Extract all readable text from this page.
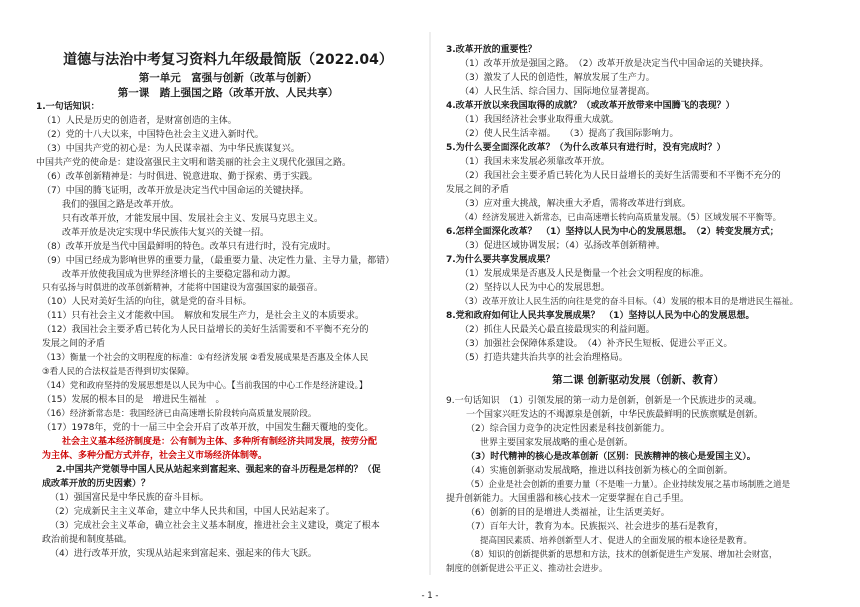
道德与法治中考复习资料九年级最简版（2022.04）
第一单元　富强与创新（改革与创新）
第一课　踏上强国之路（改革开放、人民共享）
1.一句话知识：
（1）人民是历史的创造者，是财富创造的主体。
（2）党的十八大以来，中国特色社会主义进入新时代。
（3）中国共产党的初心是：为人民谋幸福、为中华民族谋复兴。
中国共产党的使命是：建设富强民主文明和谐美丽的社会主义现代化强国之路。
（6）改革创新精神是：与时俱进、锐意进取、勤于探索、勇于实践。
（7）中国的腾飞证明，改革开放是决定当代中国命运的关键抉择。
我们的强国之路是改革开放。
只有改革开放，才能发展中国、发展社会主义、发展马克思主义。
改革开放是决定实现中华民族伟大复兴的关键一招。
（8）改革开放是当代中国最鲜明的特色。改革只有进行时，没有完成时。
（9）中国已经成为影响世界的重要力量，（最重要力量、决定性力量、主导力量，都错）
改革开放使我国成为世界经济增长的主要稳定器和动力源。
只有弘扬与时俱进的改革创新精神，才能将中国建设为富强国家的最强音。
（10）人民对美好生活的向往，就是党的奋斗目标。
（11）只有社会主义才能救中国。　解放和发展生产力，是社会主义的本质要求。
（12）我国社会主要矛盾已转化为人民日益增长的美好生活需要和不平衡不充分的
发展之间的矛盾
（13）衡量一个社会的文明程度的标准：①有经济发展 ②看发展成果是否惠及全体人民
③看人民的合法权益是否得到切实保障。
（14）党和政府坚持的发展思想是以人民为中心。【当前我国的中心工作是经济建设。】
（15）发展的根本目的是　增进民生福祉　。
（16）经济新常态是：我国经济已由高速增长阶段转向高质量发展阶段。
（17）1978年，党的十一届三中全会开启了改革开放，中国发生翻天覆地的变化。
社会主义基本经济制度是：公有制为主体、多种所有制经济共同发展，按劳分配
为主体、多种分配方式并存，社会主义市场经济体制等。
2.中国共产党领导中国人民从站起来到富起来、强起来的奋斗历程是怎样的？（促
成改革开放的历史因素）？
（1）强国富民是中华民族的奋斗目标。
（2）完成新民主主义革命，建立中华人民共和国，中国人民站起来了。
（3）完成社会主义革命，确立社会主义基本制度，推进社会主义建设，奠定了根本
政治前提和制度基础。
（4）进行改革开放，实现从站起来到富起来、强起来的伟大飞跃。
3.改革开放的重要性？
（1）改革开放是强国之路。　（2）改革开放是决定当代中国命运的关键抉择。
（3）激发了人民的创造性，解放发展了生产力。
（4）人民生活、综合国力、国际地位显著提高。
4.改革开放以来我国取得的成就？（或改革开放带来中国腾飞的表现？）
（1）我国经济社会事业取得重大成就。
（2）使人民生活幸福。　　（3）提高了我国际影响力。
5.为什么要全面深化改革？（为什么改革只有进行时，没有完成时？）
（1）我国未来发展必须靠改革开放。
（2）我国社会主要矛盾已转化为人民日益增长的美好生活需要和不平衡不充分的
发展之间的矛盾
（3）应对重大挑战，解决重大矛盾，需将改革进行到底。
（4）经济发展进入新常态，已由高速增长转向高质量发展。（5）区域发展不平衡等。
6.怎样全面深化改革？　（1）坚持以人民为中心的发展思想。　（2）转变发展方式；
（3）促进区域协调发展；（4）弘扬改革创新精神。
7.为什么要共享发展成果？
（1）发展成果是否惠及人民是衡量一个社会文明程度的标准。
（2）坚持以人民为中心的发展思想。
（3）改革开放让人民生活的向往是党的奋斗目标。（4）发展的根本目的是增进民生福祉。
8.党和政府如何让人民共享发展成果？　（1）坚持以人民为中心的发展思想。
（2）抓住人民最关心最直接最现实的利益问题。
（3）加强社会保障体系建设。　（4）补齐民生短板、促进公平正义。
（5）打造共建共治共享的社会治理格局。
第二课 创新驱动发展（创新、教育）
9.一句话知识　（1）引领发展的第一动力是创新，创新是一个民族进步的灵魂。
一个国家兴旺发达的不竭源泉是创新，中华民族最鲜明的民族禀赋是创新。
（2）综合国力竞争的决定性因素是科技创新能力。
世界主要国家发展战略的重心是创新。
（3）时代精神的核心是改革创新（区别：民族精神的核心是爱国主义）。
（4）实施创新驱动发展战略，推进以科技创新为核心的全面创新。
（5）企业是社会创新的重要力量（不是唯一力量）。企业持续发展之基市场制胜之道是
提升创新能力。大国重器和核心技术一定要掌握在自己手里。
（6）创新的目的是增进人类福祉，让生活更美好。
（7）百年大计，教育为本。民族振兴、社会进步的基石是教育，
提高国民素质、培养创新型人才、促进人的全面发展的根本途径是教育。
（8）知识的创新提供新的思想和方法，技术的创新促进生产发展、增加社会财富，
制度的创新促进公平正义、推动社会进步。
- 1 -
